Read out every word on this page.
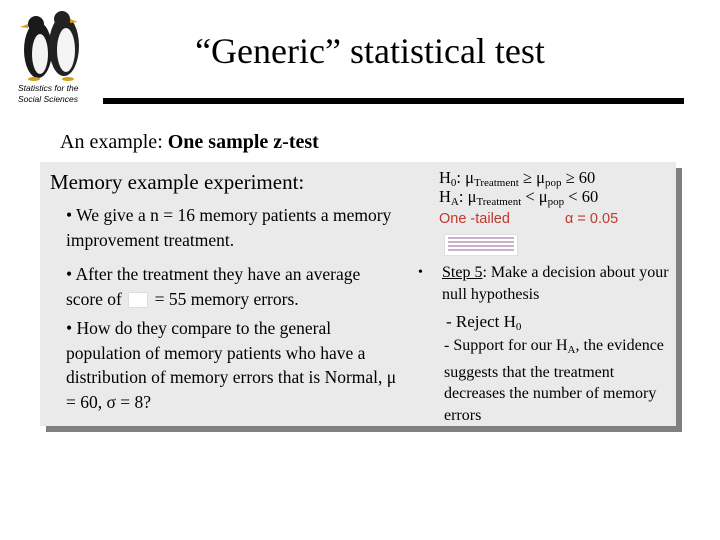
Statistics for the
Social Sciences
“Generic” statistical test
An example: One sample z-test
Memory example experiment:
• We give a n = 16 memory patients a memory improvement treatment.
• After the treatment they have an average score of = 55 memory errors.
• How do they compare to the general population of memory patients who have a distribution of memory errors that is Normal, μ = 60, σ = 8?
$H_0$: $\mu_{Treatment} \ge \mu_{pop} \ge 60$
$H_A$: $\mu_{Treatment} < \mu_{pop} < 60$
One -tailed	α = 0.05
• Step 5: Make a decision about your null hypothesis
- Reject H0
- Support for our HA, the evidence suggests that the treatment decreases the number of memory errors
